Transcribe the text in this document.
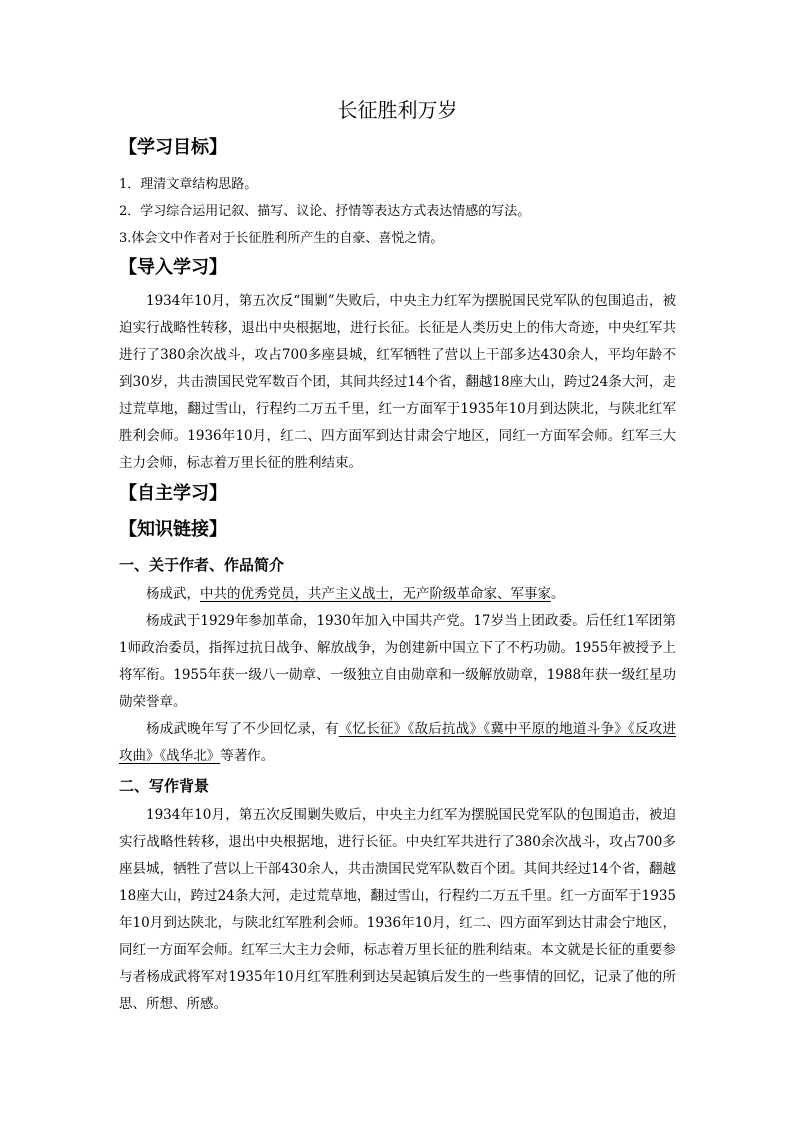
长征胜利万岁
【学习目标】
1．理清文章结构思路。
2．学习综合运用记叙、描写、议论、抒情等表达方式表达情感的写法。
3.体会文中作者对于长征胜利所产生的自豪、喜悦之情。
【导入学习】
1934年10月，第五次反“围剿”失败后，中央主力红军为摆脱国民党军队的包围追击，被迫实行战略性转移，退出中央根据地，进行长征。长征是人类历史上的伟大奇迹，中央红军共进行了380余次战斗，攻占700多座县城，红军牺牲了营以上干部多达430余人，平均年龄不到30岁，共击溃国民党军数百个团，其间共经过14个省，翻越18座大山，跨过24条大河，走过荒草地，翻过雪山，行程约二万五千里，红一方面军于1935年10月到达陕北，与陕北红军胜利会师。1936年10月，红二、四方面军到达甘肃会宁地区，同红一方面军会师。红军三大主力会师，标志着万里长征的胜利结束。
【自主学习】
【知识链接】
一、关于作者、作品简介
杨成武，中共的优秀党员，共产主义战士，无产阶级革命家、军事家。
杨成武于1929年参加革命，1930年加入中国共产党。17岁当上团政委。后任红1军团第1师政治委员，指挥过抗日战争、解放战争，为创建新中国立下了不朽功勋。1955年被授予上将军衔。1955年获一级八一勋章、一级独立自由勋章和一级解放勋章，1988年获一级红星功勋荣誉章。
杨成武晚年写了不少回忆录，有《忆长征》《敌后抗战》《冀中平原的地道斗争》《反攻进攻曲》《战华北》等著作。
二、写作背景
1934年10月，第五次反围剿失败后，中央主力红军为摆脱国民党军队的包围追击，被迫实行战略性转移，退出中央根据地，进行长征。中央红军共进行了380余次战斗，攻占700多座县城，牺牲了营以上干部430余人，共击溃国民党军队数百个团。其间共经过14个省，翻越18座大山，跨过24条大河，走过荒草地，翻过雪山，行程约二万五千里。红一方面军于1935年10月到达陕北，与陕北红军胜利会师。1936年10月，红二、四方面军到达甘肃会宁地区，同红一方面军会师。红军三大主力会师，标志着万里长征的胜利结束。本文就是长征的重要参与者杨成武将军对1935年10月红军胜利到达吴起镇后发生的一些事情的回忆，记录了他的所思、所想、所感。
